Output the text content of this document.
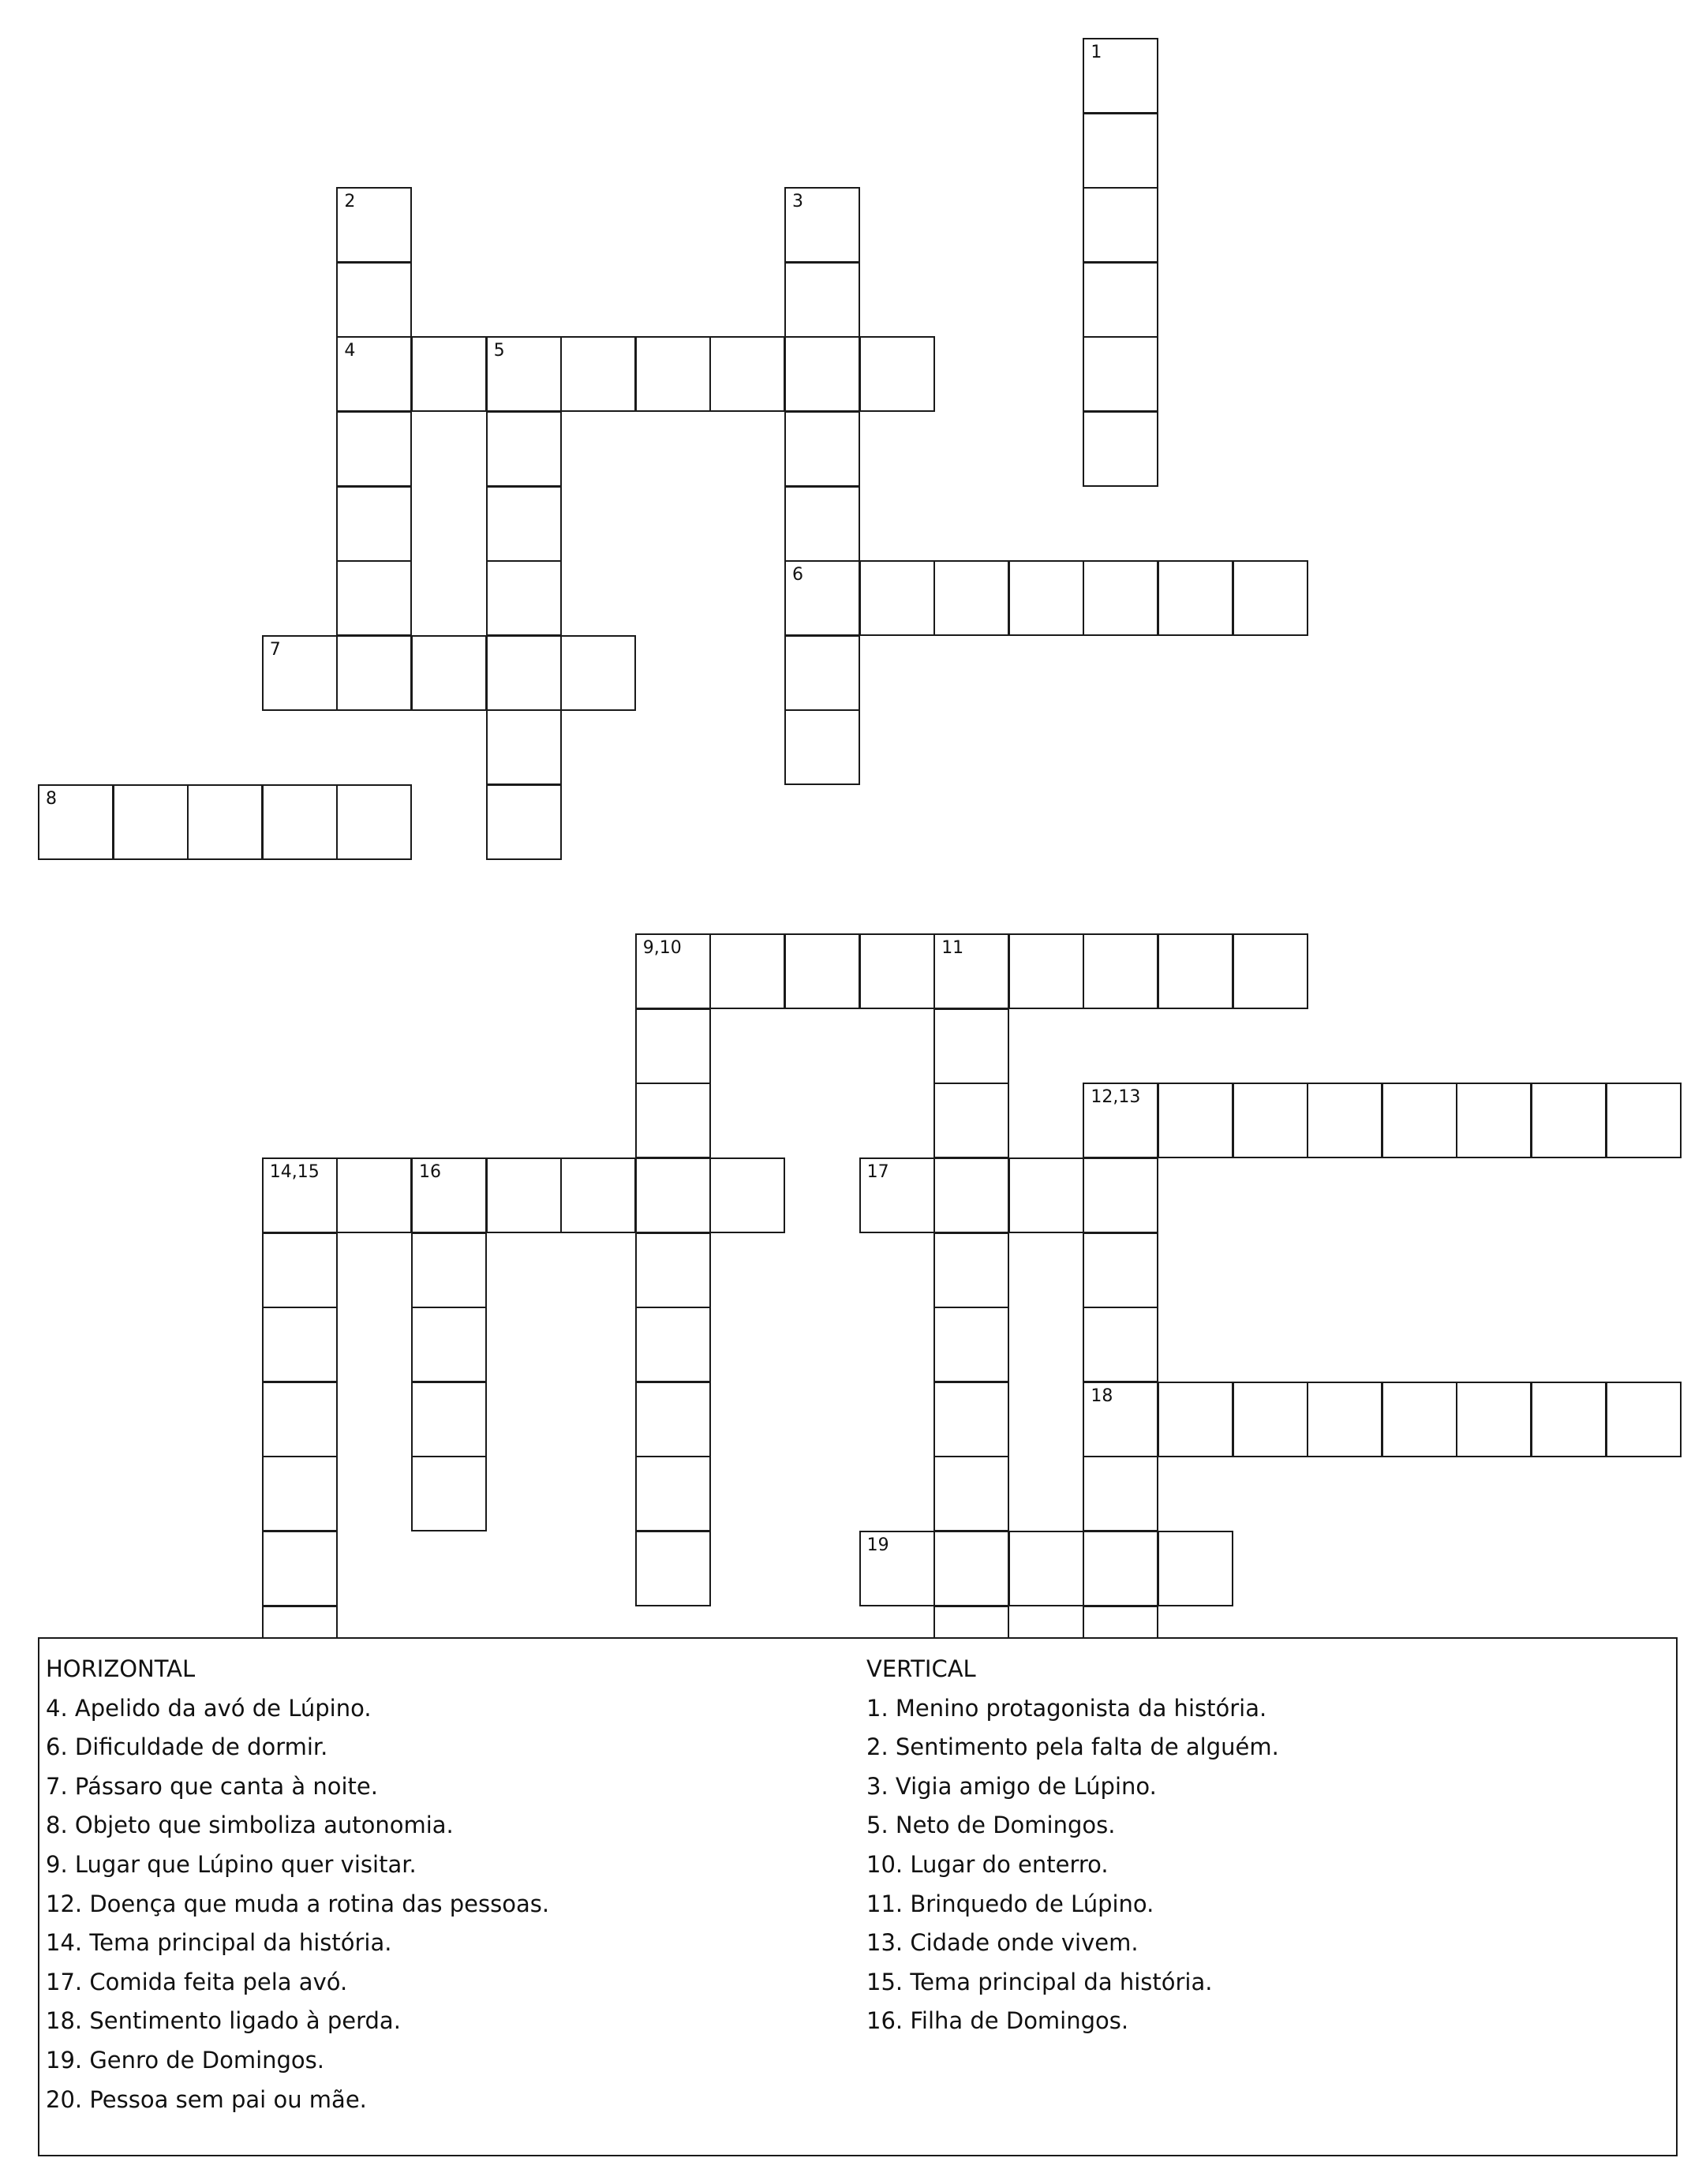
4	5
6
7
8
9,10	11
12,13
14,15	16	17
18
19
1
2	3
HORIZONTAL
4. Apelido da avó de Lúpino.
6. Dificuldade de dormir.
7. Pássaro que canta à noite.
8. Objeto que simboliza autonomia.
9. Lugar que Lúpino quer visitar.
12. Doença que muda a rotina das pessoas.
14. Tema principal da história.
17. Comida feita pela avó.
18. Sentimento ligado à perda.
19. Genro de Domingos.
20. Pessoa sem pai ou mãe.
VERTICAL
1. Menino protagonista da história.
2. Sentimento pela falta de alguém.
3. Vigia amigo de Lúpino.
5. Neto de Domingos.
10. Lugar do enterro.
11. Brinquedo de Lúpino.
13. Cidade onde vivem.
15. Tema principal da história.
16. Filha de Domingos.
